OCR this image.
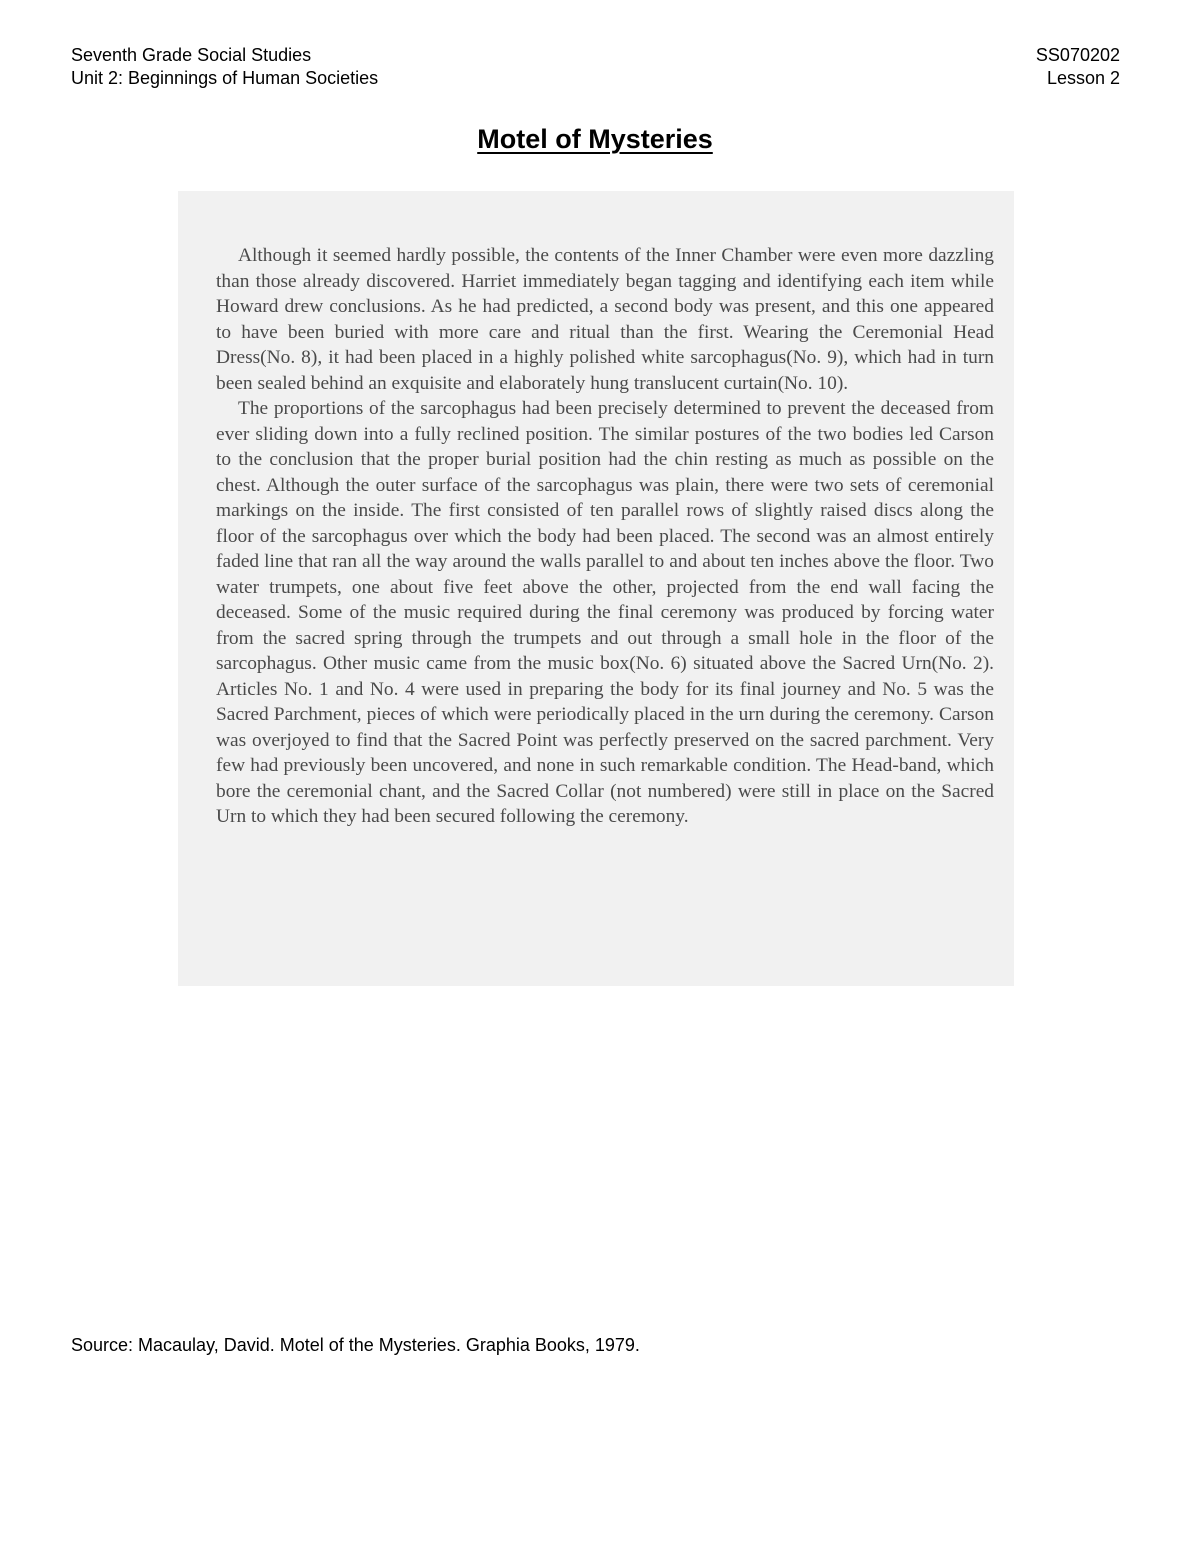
Seventh Grade Social Studies
Unit 2: Beginnings of Human Societies
SS070202
Lesson 2
Motel of Mysteries

Although it seemed hardly possible, the contents of the Inner Chamber were even more dazzling than those already discovered. Harriet immediately began tagging and identifying each item while Howard drew conclusions. As he had predicted, a second body was present, and this one appeared to have been buried with more care and ritual than the first. Wearing the Ceremonial Head Dress(No. 8), it had been placed in a highly polished white sarcophagus(No. 9), which had in turn been sealed behind an exquisite and elaborately hung translucent curtain(No. 10).

The proportions of the sarcophagus had been precisely determined to prevent the deceased from ever sliding down into a fully reclined position. The similar postures of the two bodies led Carson to the conclusion that the proper burial position had the chin resting as much as possible on the chest. Although the outer surface of the sarcophagus was plain, there were two sets of ceremonial markings on the inside. The first consisted of ten parallel rows of slightly raised discs along the floor of the sarcophagus over which the body had been placed. The second was an almost entirely faded line that ran all the way around the walls parallel to and about ten inches above the floor. Two water trumpets, one about five feet above the other, projected from the end wall facing the deceased. Some of the music required during the final ceremony was produced by forcing water from the sacred spring through the trumpets and out through a small hole in the floor of the sarcophagus. Other music came from the music box(No. 6) situated above the Sacred Urn(No. 2). Articles No. 1 and No. 4 were used in preparing the body for its final journey and No. 5 was the Sacred Parchment, pieces of which were periodically placed in the urn during the ceremony. Carson was overjoyed to find that the Sacred Point was perfectly preserved on the sacred parchment. Very few had previously been uncovered, and none in such remarkable condition. The Head-band, which bore the ceremonial chant, and the Sacred Collar (not numbered) were still in place on the Sacred Urn to which they had been secured following the ceremony.

Source: Macaulay, David. Motel of the Mysteries. Graphia Books, 1979.
